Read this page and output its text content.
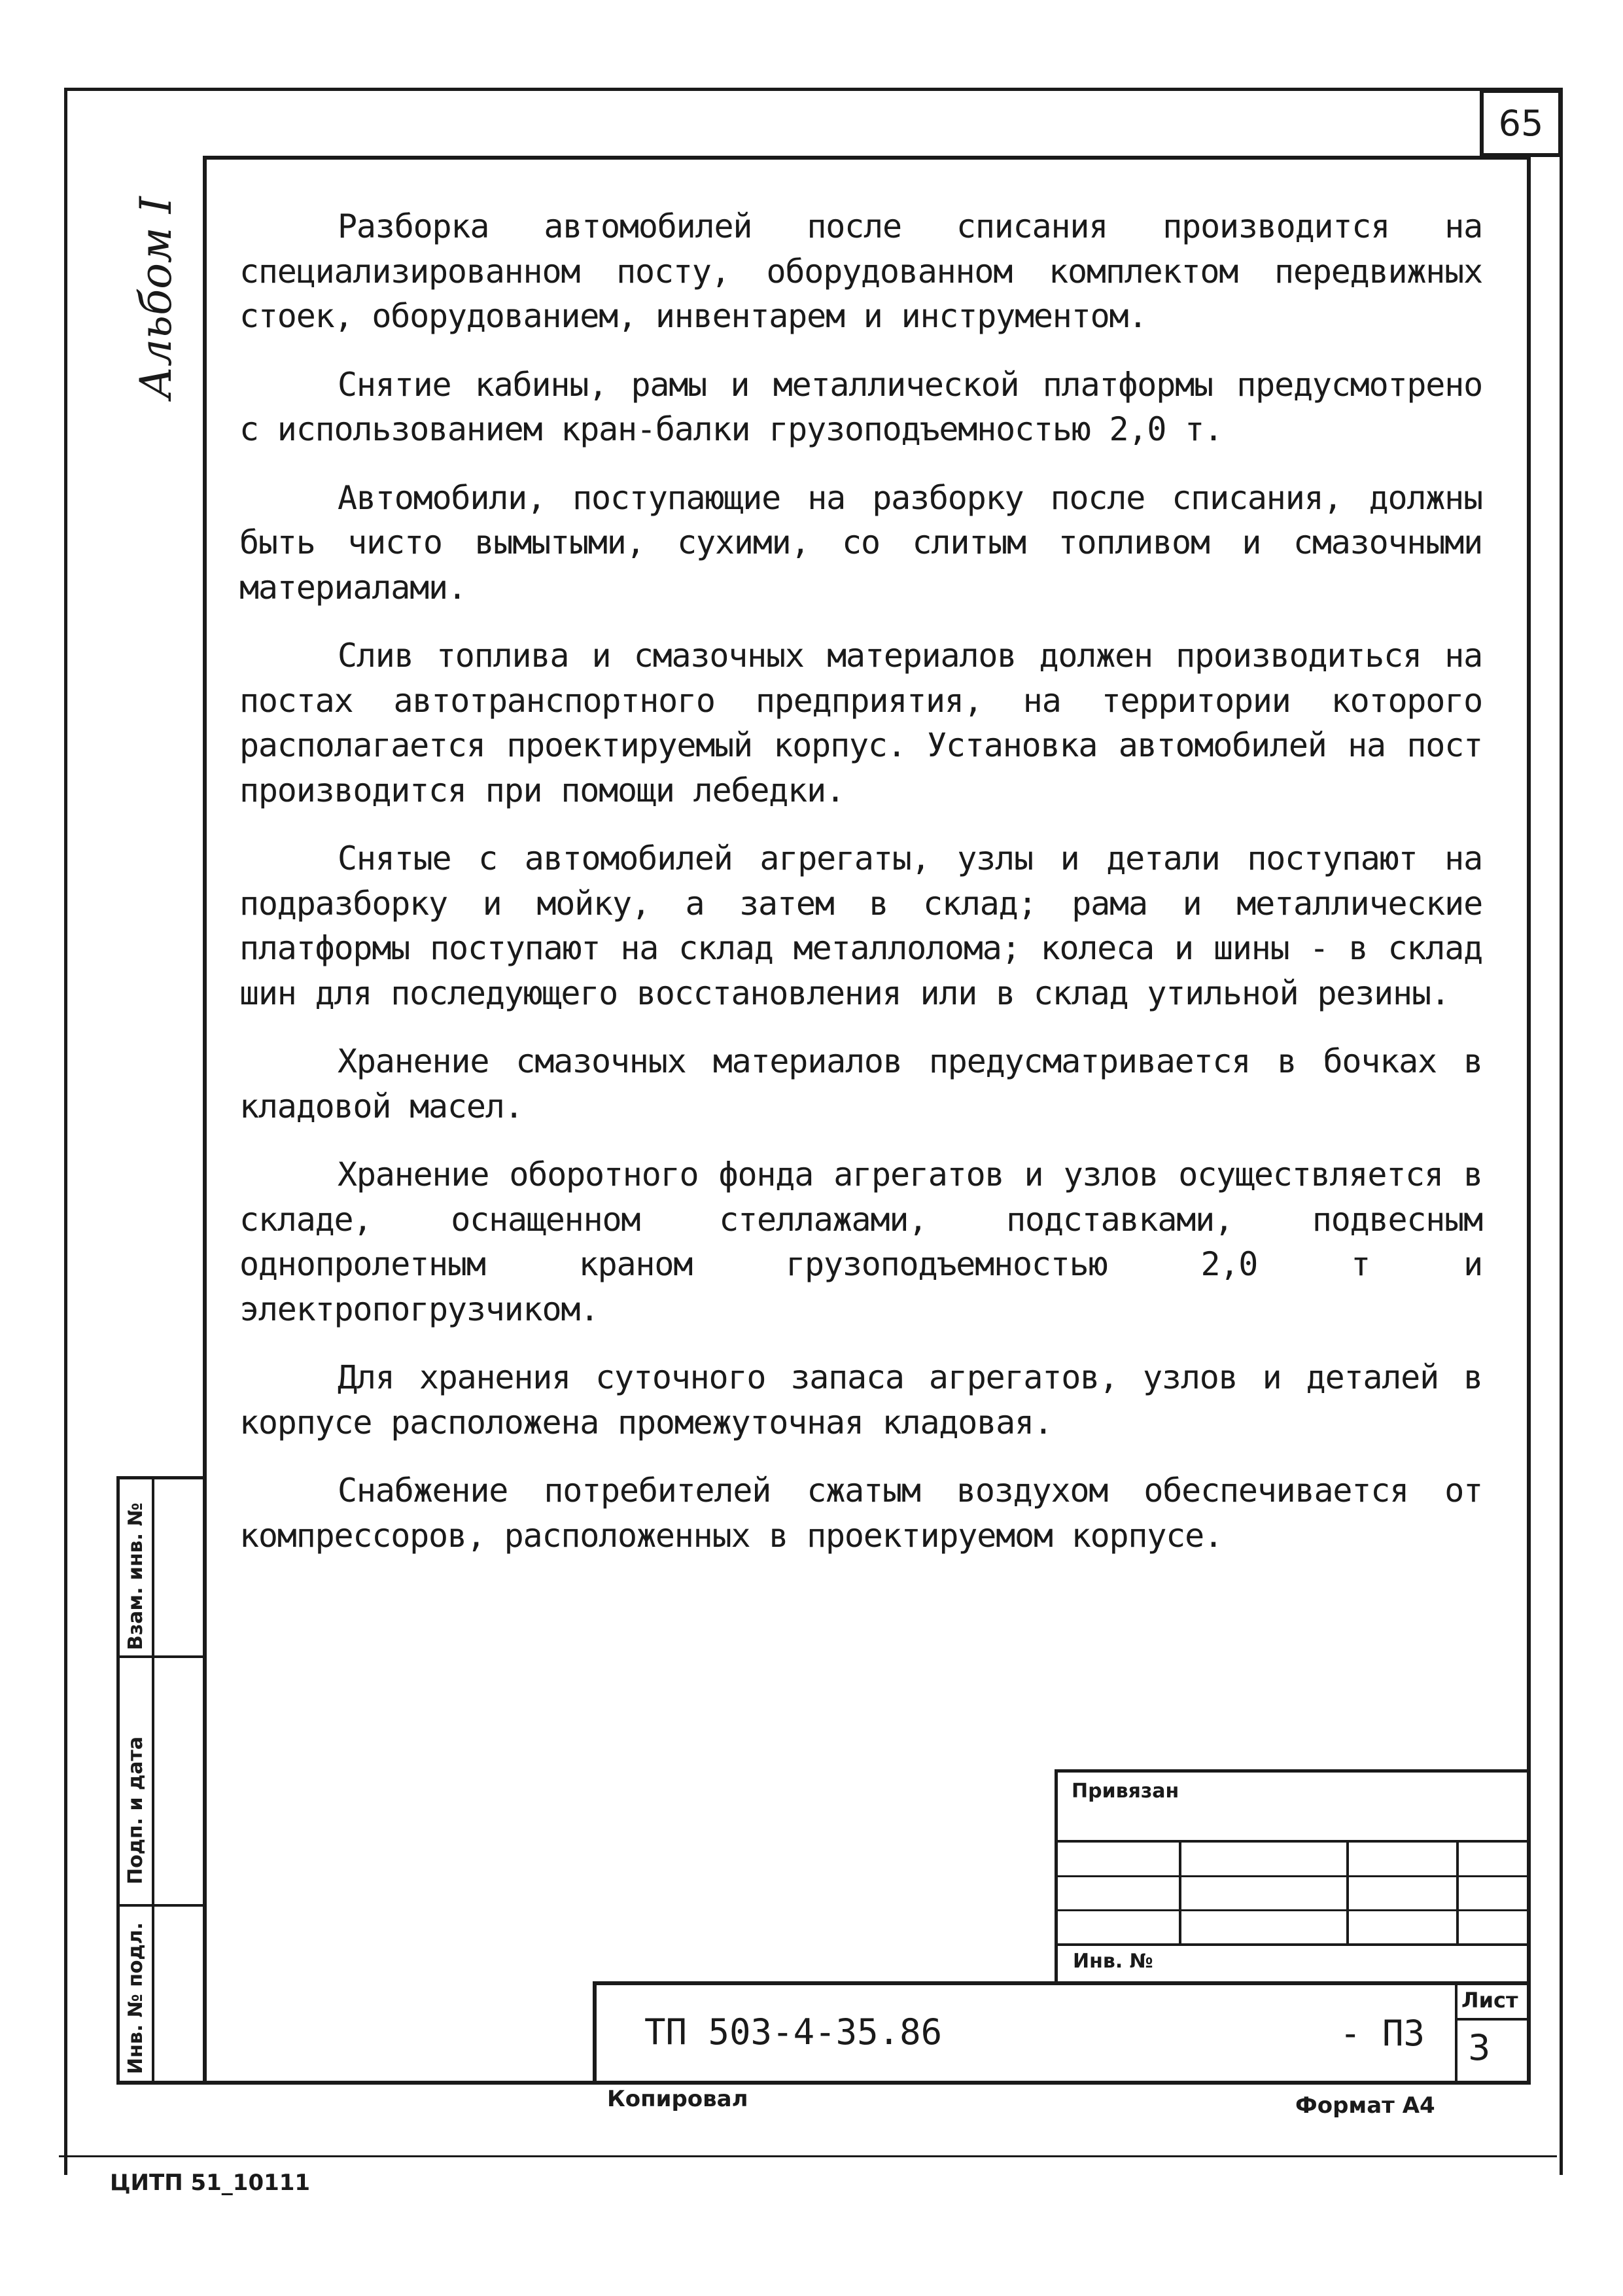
65
Альбом I	Разборка автомобилей после списания производится на специализированном посту, оборудованном комплектом передвижных стоек, оборудованием, инвентарем и инструментом.

Снятие кабины, рамы и металлической платформы предусмотрено с использованием кран-балки грузоподъемностью 2,0 т.

Автомобили, поступающие на разборку после списания, должны быть чисто вымытыми, сухими, со слитым топливом и смазочными материалами.

Слив топлива и смазочных материалов должен производиться на постах автотранспортного предприятия, на территории которого располагается проектируемый корпус. Установка автомобилей на пост производится при помощи лебедки.

Снятые с автомобилей агрегаты, узлы и детали поступают на подразборку и мойку, а затем в склад; рама и металлические платформы поступают на склад металлолома; колеса и шины - в склад шин для последующего восстановления или в склад утильной резины.

Хранение смазочных материалов предусматривается в бочках в кладовой масел.

Хранение оборотного фонда агрегатов и узлов осуществляется в складе, оснащенном стеллажами, подставками, подвесным однопролетным краном грузоподъемностью 2,0 т и электропогрузчиком.

Для хранения суточного запаса агрегатов, узлов и деталей в корпусе расположена промежуточная кладовая.

Снабжение потребителей сжатым воздухом обеспечивается от компрессоров, расположенных в проектируемом корпусе.

Взам. инв. №
Подп. и дата
Инв. № подл.
Привязан
Инв. №
ТП 503-4-35.86	- ПЗ
Лист
3
Копировал	Формат А4
ЦИТП 51_10111
